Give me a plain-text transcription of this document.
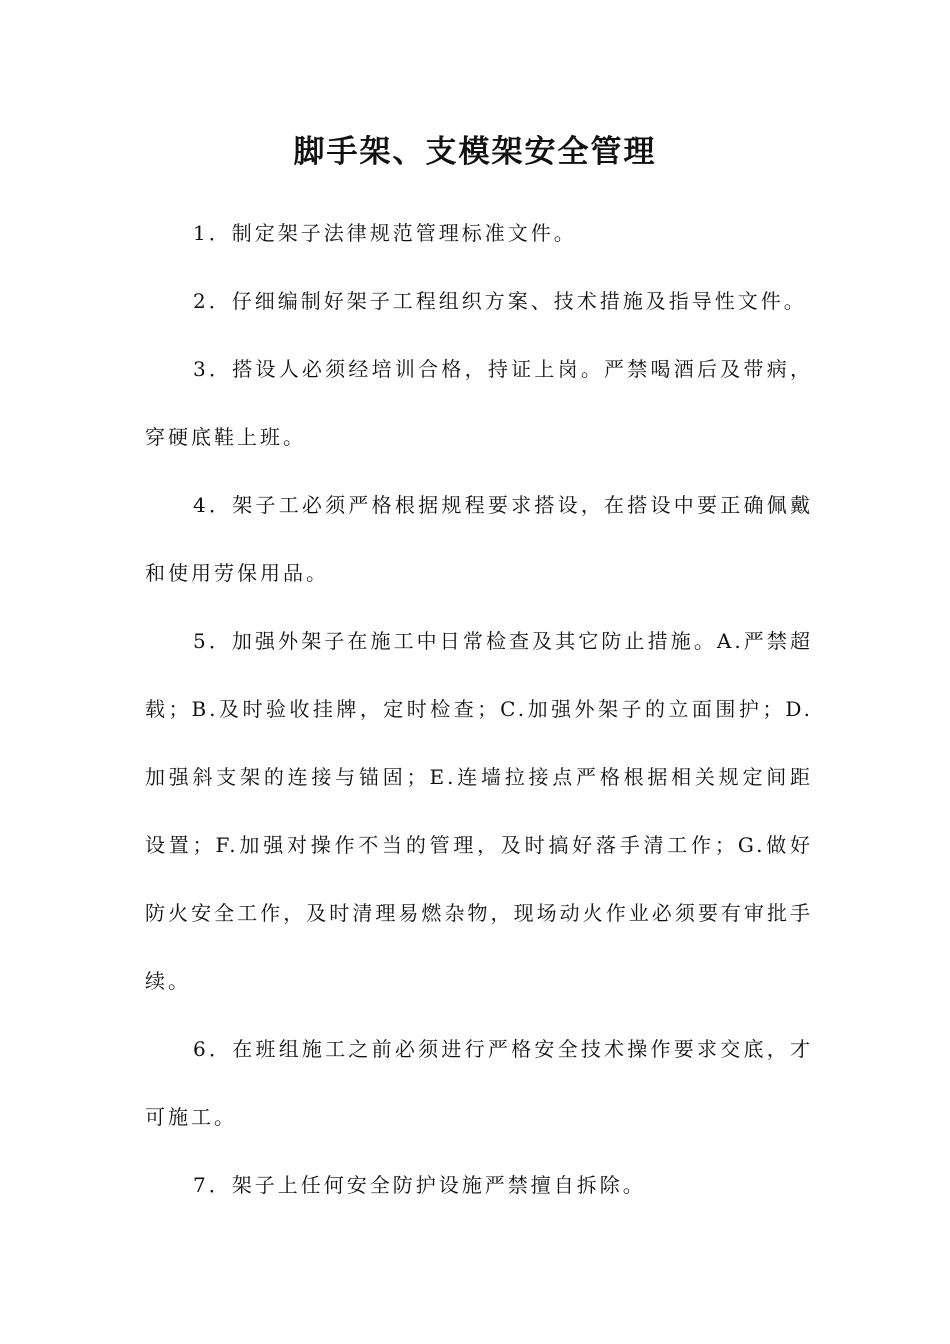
脚手架、支模架安全管理

1．制定架子法律规范管理标准文件。

2．仔细编制好架子工程组织方案、技术措施及指导性文件。

3．搭设人必须经培训合格，持证上岗。严禁喝酒后及带病，穿硬底鞋上班。

4．架子工必须严格根据规程要求搭设，在搭设中要正确佩戴和使用劳保用品。

5．加强外架子在施工中日常检查及其它防止措施。A.严禁超载；B.及时验收挂牌，定时检查；C.加强外架子的立面围护；D.加强斜支架的连接与锚固；E.连墙拉接点严格根据相关规定间距设置；F.加强对操作不当的管理，及时搞好落手清工作；G.做好防火安全工作，及时清理易燃杂物，现场动火作业必须要有审批手续。

6．在班组施工之前必须进行严格安全技术操作要求交底，才可施工。

7．架子上任何安全防护设施严禁擅自拆除。
